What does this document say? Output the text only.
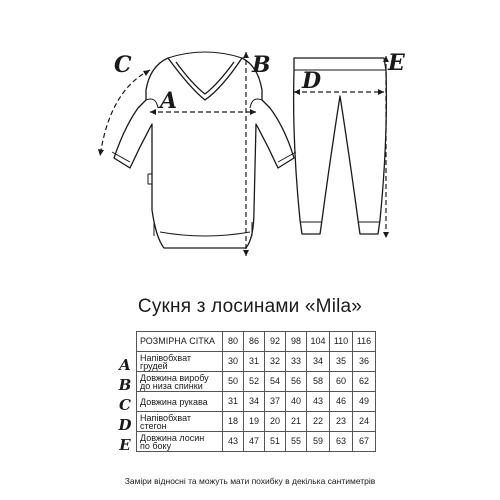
A
B
C
D
E
Сукня з лосинами «Mila»
РОЗМІРНА СІТКА	80	86	92	98	104	110	116
Напівобхват
грудей	30	31	32	33	34	35	36
Довжина виробу
до низа спинки	50	52	54	56	58	60	62
Довжина рукава	31	34	37	40	43	46	49
Напівобхват
стегон	18	19	20	21	22	23	24
Довжина лосин
по боку	43	47	51	55	59	63	67
A
B
C
D
E
Заміри відносні та можуть мати похибку в декілька сантиметрів
